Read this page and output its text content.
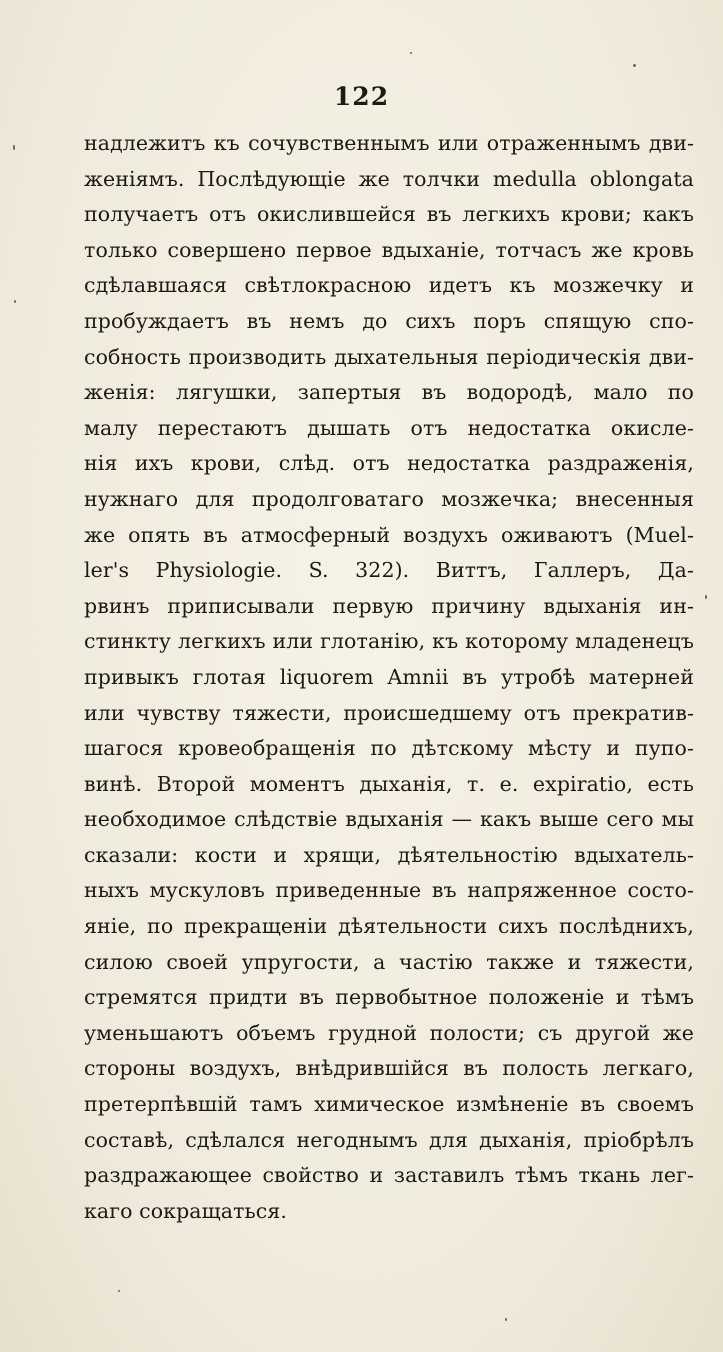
122
надлежитъ къ сочувственнымъ или отраженнымъ дви-
женіямъ. Послѣдующіе же толчки medulla oblongata
получаетъ отъ окислившейся въ легкихъ крови; какъ
только совершено первое вдыханіе, тотчасъ же кровь
сдѣлавшаяся свѣтлокрасною идетъ къ мозжечку и
пробуждаетъ въ немъ до сихъ поръ спящую спо-
собность производить дыхательныя періодическія дви-
женія: лягушки, запертыя въ водородѣ, мало по
малу перестаютъ дышать отъ недостатка окисле-
нія ихъ крови, слѣд. отъ недостатка раздраженія,
нужнаго для продолговатаго мозжечка; внесенныя
же опять въ атмосферный воздухъ оживаютъ (Muel-
ler's Physiologie. S. 322). Виттъ, Галлеръ, Да-
рвинъ приписывали первую причину вдыханія ин-
стинкту легкихъ или глотанію, къ которому младенецъ
привыкъ глотая liquorem Amnii въ утробѣ матерней
или чувству тяжести, происшедшему отъ прекратив-
шагося кровеобращенія по дѣтскому мѣсту и пупо-
винѣ. Второй моментъ дыханія, т. е. expiratio, есть
необходимое слѣдствіе вдыханія — какъ выше сего мы
сказали: кости и хрящи, дѣятельностію вдыхатель-
ныхъ мускуловъ приведенные въ напряженное состо-
яніе, по прекращеніи дѣятельности сихъ послѣднихъ,
силою своей упругости, а частію также и тяжести,
стремятся придти въ первобытное положеніе и тѣмъ
уменьшаютъ объемъ грудной полости; съ другой же
стороны воздухъ, внѣдрившійся въ полость легкаго,
претерпѣвшій тамъ химическое измѣненіе въ своемъ
составѣ, сдѣлался негоднымъ для дыханія, пріобрѣлъ
раздражающее свойство и заставилъ тѣмъ ткань лег-
каго сокращаться.
